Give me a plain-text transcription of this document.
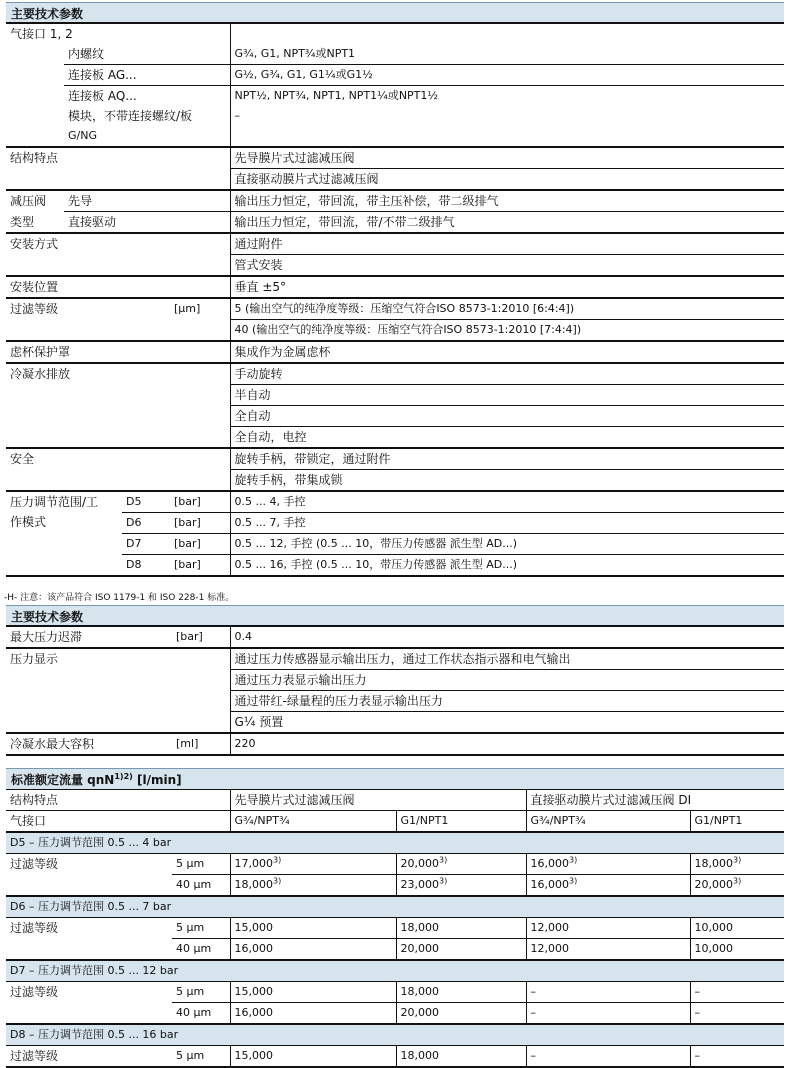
主要技术参数
气接口 1, 2				
	内螺纹			G¾, G1, NPT¾或NPT1
	连接板 AG...			G½, G¾, G1, G1¼或G1½
	连接板 AQ...			NPT½, NPT¾, NPT1, NPT1¼或NPT1½

	模块，不带连接螺纹/板
G/NG			–
结构特点				先导膜片式过滤减压阀
				直接驱动膜片式过滤减压阀
减压阀	先导			输出压力恒定，带回流，带主压补偿，带二级排气
类型	直接驱动			输出压力恒定，带回流，带/不带二级排气
安装方式				通过附件
				管式安装
安装位置				垂直 ±5°
过滤等级			[µm]	5 (输出空气的纯净度等级：压缩空气符合ISO 8573-1:2010 [6:4:4])
				40 (输出空气的纯净度等级：压缩空气符合ISO 8573-1:2010 [7:4:4])
虑杯保护罩				集成作为金属虑杯
冷凝水排放				手动旋转
				半自动
				全自动
				全自动，电控
安全				旋转手柄，带锁定，通过附件
				旋转手柄，带集成锁

压力调节范围/工
作模式		D5	[bar]	0.5 ... 4, 手控
		D6	[bar]	0.5 ... 7, 手控
		D7	[bar]	0.5 ... 12, 手控 (0.5 ... 10，带压力传感器 派生型 AD...)
		D8	[bar]	0.5 ... 16, 手控 (0.5 ... 10，带压力传感器 派生型 AD...)
-H- 注意：该产品符合 ISO 1179-1 和 ISO 228-1 标准。
主要技术参数
最大压力迟滞	[bar]	0.4
压力显示		通过压力传感器显示输出压力，通过工作状态指示器和电气输出
		通过压力表显示输出压力
		通过带红-绿量程的压力表显示输出压力
		G¼ 预置
冷凝水最大容积	[ml]	220
标准额定流量 qnN$^{1)2)}$ [l/min]
结构特点		先导膜片式过滤减压阀		直接驱动膜片式过滤减压阀 DI	
气接口		G¾/NPT¾	G1/NPT1	G¾/NPT¾	G1/NPT1
D5 – 压力调节范围 0.5 ... 4 bar					
过滤等级	5 µm	17,000$^{3)}$	20,000$^{3)}$	16,000$^{3)}$	18,000$^{3)}$
	40 µm	18,000$^{3)}$	23,000$^{3)}$	16,000$^{3)}$	20,000$^{3)}$
D6 – 压力调节范围 0.5 ... 7 bar					
过滤等级	5 µm	15,000	18,000	12,000	10,000
	40 µm	16,000	20,000	12,000	10,000
D7 – 压力调节范围 0.5 ... 12 bar					
过滤等级	5 µm	15,000	18,000	–	–
	40 µm	16,000	20,000	–	–
D8 – 压力调节范围 0.5 ... 16 bar					
过滤等级	5 µm	15,000	18,000	–	–
